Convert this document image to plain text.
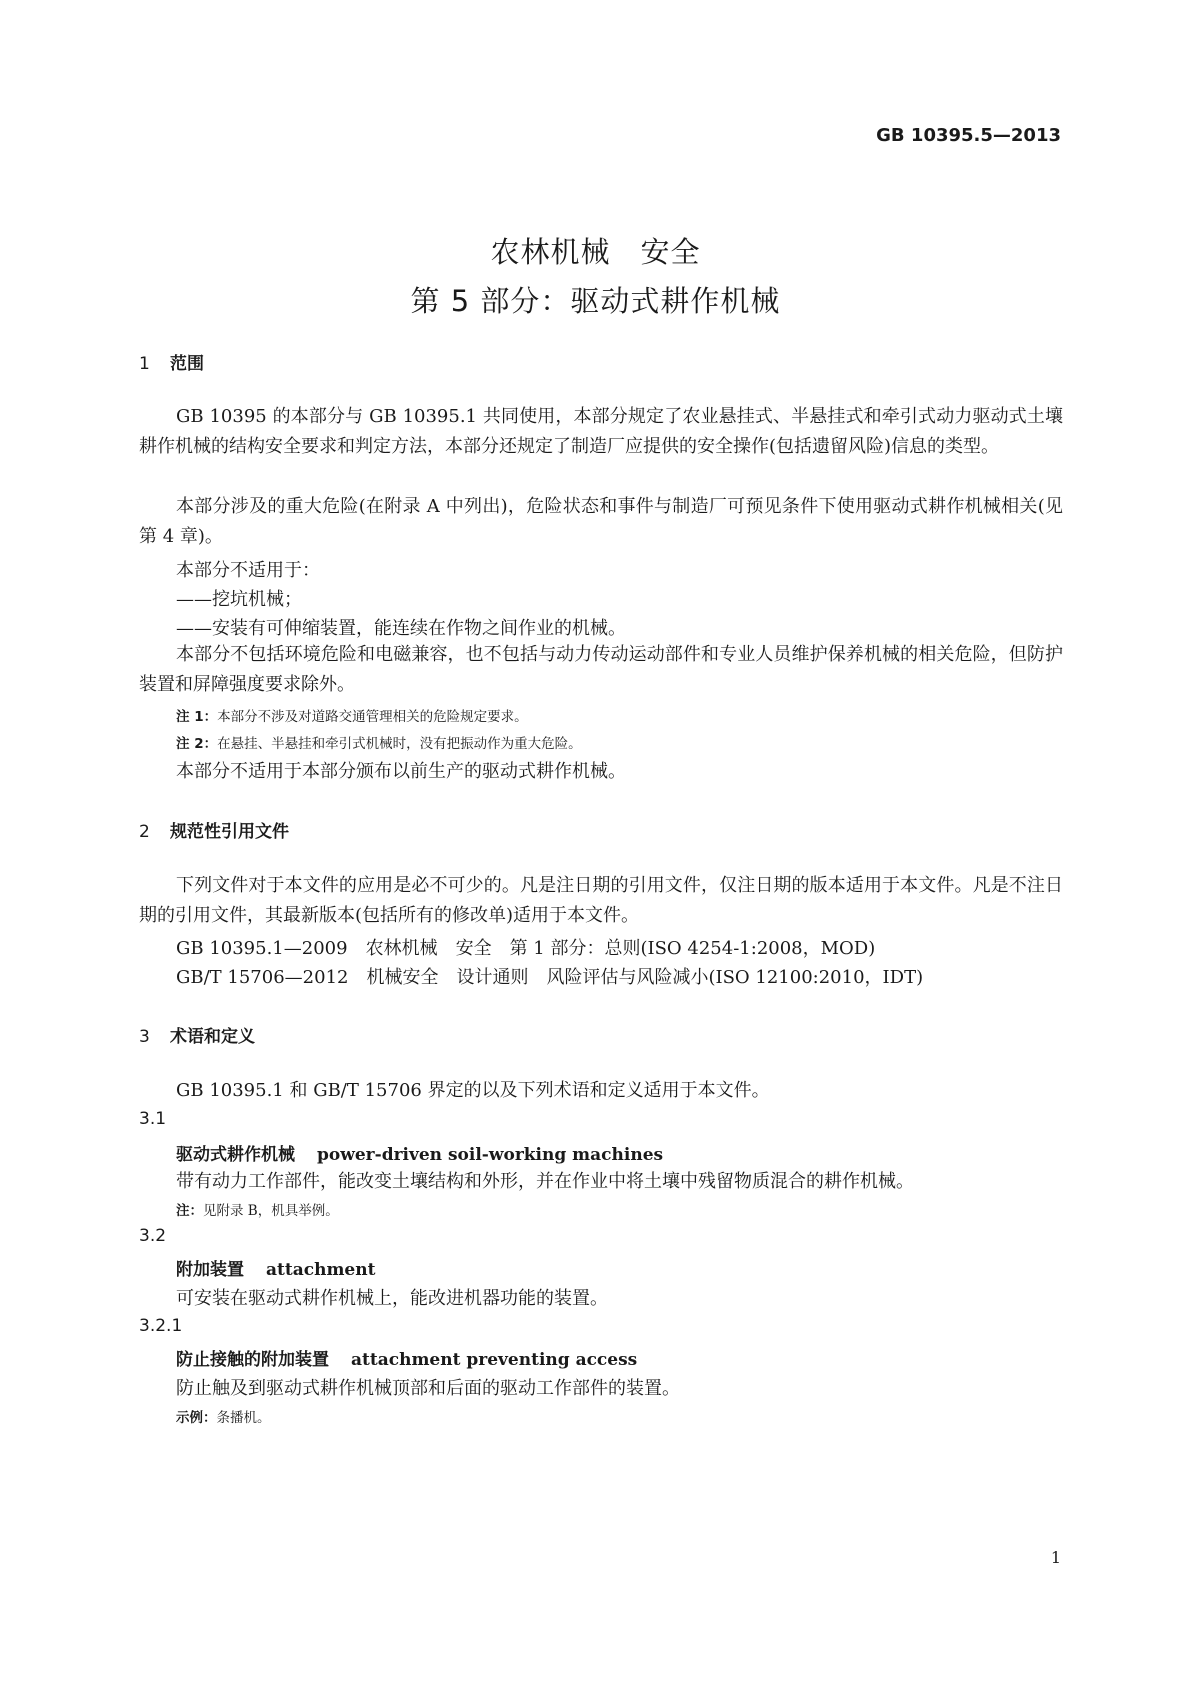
GB 10395.5—2013
农林机械　安全
第 5 部分：驱动式耕作机械
1 范围
GB 10395 的本部分与 GB 10395.1 共同使用，本部分规定了农业悬挂式、半悬挂式和牵引式动力驱动式土壤耕作机械的结构安全要求和判定方法，本部分还规定了制造厂应提供的安全操作(包括遗留风险)信息的类型。
本部分涉及的重大危险(在附录 A 中列出)，危险状态和事件与制造厂可预见条件下使用驱动式耕作机械相关(见第 4 章)。
本部分不适用于：
——挖坑机械；
——安装有可伸缩装置，能连续在作物之间作业的机械。
本部分不包括环境危险和电磁兼容，也不包括与动力传动运动部件和专业人员维护保养机械的相关危险，但防护装置和屏障强度要求除外。
注 1：本部分不涉及对道路交通管理相关的危险规定要求。
注 2：在悬挂、半悬挂和牵引式机械时，没有把振动作为重大危险。
本部分不适用于本部分颁布以前生产的驱动式耕作机械。
2 规范性引用文件
下列文件对于本文件的应用是必不可少的。凡是注日期的引用文件，仅注日期的版本适用于本文件。凡是不注日期的引用文件，其最新版本(包括所有的修改单)适用于本文件。
GB 10395.1—2009　农林机械　安全　第 1 部分：总则(ISO 4254-1:2008，MOD)
GB/T 15706—2012　机械安全　设计通则　风险评估与风险减小(ISO 12100:2010，IDT)
3 术语和定义
GB 10395.1 和 GB/T 15706 界定的以及下列术语和定义适用于本文件。
3.1
驱动式耕作机械 power-driven soil-working machines
带有动力工作部件，能改变土壤结构和外形，并在作业中将土壤中残留物质混合的耕作机械。
注：见附录 B，机具举例。
3.2
附加装置 attachment
可安装在驱动式耕作机械上，能改进机器功能的装置。
3.2.1
防止接触的附加装置 attachment preventing access
防止触及到驱动式耕作机械顶部和后面的驱动工作部件的装置。
示例：条播机。
1
